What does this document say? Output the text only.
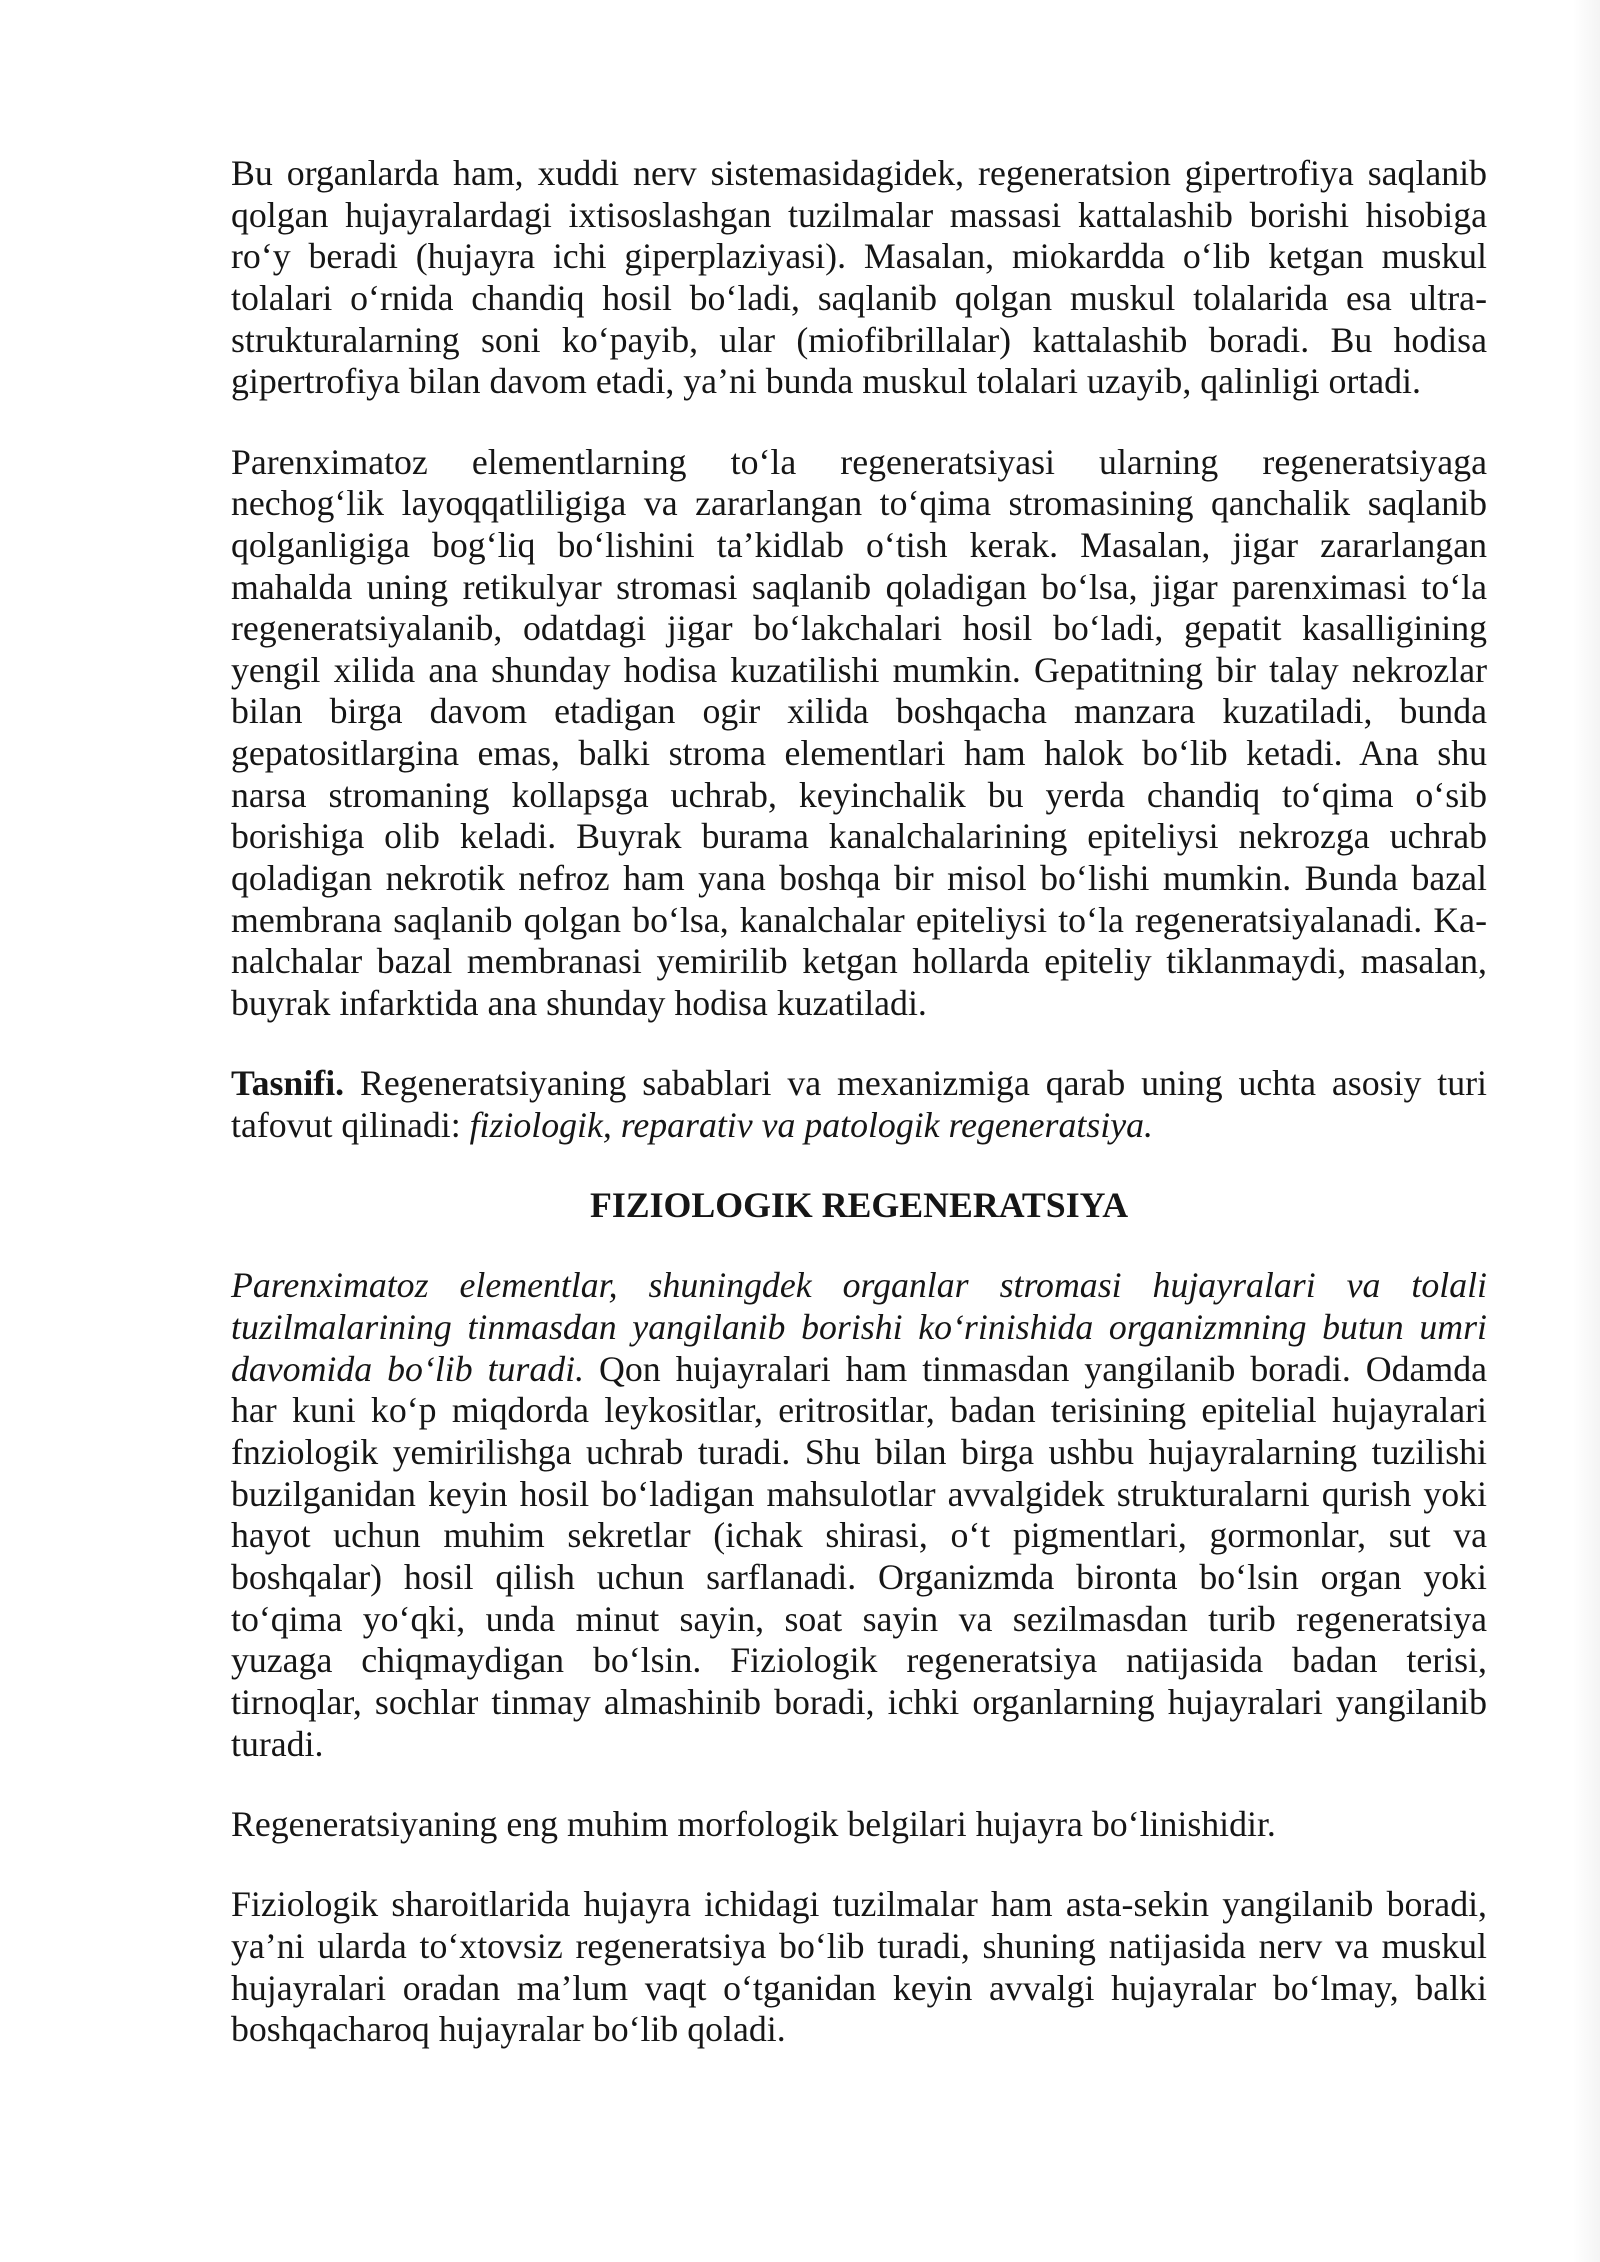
Bu organlarda ham, xuddi nerv sistemasidagidek, regeneratsion gipertrofiya saqlanib
qolgan hujayralardagi ixtisoslashgan tuzilmalar massasi kattalashib borishi hisobiga
roʻy beradi (hujayra ichi giperplaziyasi). Masalan, miokardda oʻlib ketgan muskul
tolalari oʻrnida chandiq hosil boʻladi, saqlanib qolgan muskul tolalarida esa ultra-
strukturalarning soni koʻpayib, ular (miofibrillalar) kattalashib boradi. Bu hodisa
gipertrofiya bilan davom etadi, ya’ni bunda muskul tolalari uzayib, qalinligi ortadi.
Parenximatoz elementlarning toʻla regeneratsiyasi ularning regeneratsiyaga
nechogʻlik layoqqatliligiga va zararlangan toʻqima stromasining qanchalik saqlanib
qolganligiga bogʻliq boʻlishini ta’kidlab oʻtish kerak. Masalan, jigar zararlangan
mahalda uning retikulyar stromasi saqlanib qoladigan boʻlsa, jigar parenximasi toʻla
regeneratsiyalanib, odatdagi jigar boʻlakchalari hosil boʻladi, gepatit kasalligining
yengil xilida ana shunday hodisa kuzatilishi mumkin. Gepatitning bir talay nekrozlar
bilan birga davom etadigan ogir xilida boshqacha manzara kuzatiladi, bunda
gepatositlargina emas, balki stroma elementlari ham halok boʻlib ketadi. Ana shu
narsa stromaning kollapsga uchrab, keyinchalik bu yerda chandiq toʻqima oʻsib
borishiga olib keladi. Buyrak burama kanalchalarining epiteliysi nekrozga uchrab
qoladigan nekrotik nefroz ham yana boshqa bir misol boʻlishi mumkin. Bunda bazal
membrana saqlanib qolgan boʻlsa, kanalchalar epiteliysi toʻla regeneratsiyalanadi. Ka-
nalchalar bazal membranasi yemirilib ketgan hollarda epiteliy tiklanmaydi, masalan,
buyrak infarktida ana shunday hodisa kuzatiladi.
Tasnifi. Regeneratsiyaning sabablari va mexanizmiga qarab uning uchta asosiy turi
tafovut qilinadi: fiziologik, reparativ va patologik regeneratsiya.
FIZIOLOGIK REGENERATSIYA
Parenximatoz elementlar, shuningdek organlar stromasi hujayralari va tolali
tuzilmalarining tinmasdan yangilanib borishi koʻrinishida organizmning butun umri
davomida boʻlib turadi. Qon hujayralari ham tinmasdan yangilanib boradi. Odamda
har kuni koʻp miqdorda leykositlar, eritrositlar, badan terisining epitelial hujayralari
fnziologik yemirilishga uchrab turadi. Shu bilan birga ushbu hujayralarning tuzilishi
buzilganidan keyin hosil boʻladigan mahsulotlar avvalgidek strukturalarni qurish yoki
hayot uchun muhim sekretlar (ichak shirasi, oʻt pigmentlari, gormonlar, sut va
boshqalar) hosil qilish uchun sarflanadi. Organizmda bironta boʻlsin organ yoki
toʻqima yoʻqki, unda minut sayin, soat sayin va sezilmasdan turib regeneratsiya
yuzaga chiqmaydigan boʻlsin. Fiziologik regeneratsiya natijasida badan terisi,
tirnoqlar, sochlar tinmay almashinib boradi, ichki organlarning hujayralari yangilanib
turadi.
Regeneratsiyaning eng muhim morfologik belgilari hujayra boʻlinishidir.
Fiziologik sharoitlarida hujayra ichidagi tuzilmalar ham asta-sekin yangilanib boradi,
ya’ni ularda toʻxtovsiz regeneratsiya boʻlib turadi, shuning natijasida nerv va muskul
hujayralari oradan ma’lum vaqt oʻtganidan keyin avvalgi hujayralar boʻlmay, balki
boshqacharoq hujayralar boʻlib qoladi.
